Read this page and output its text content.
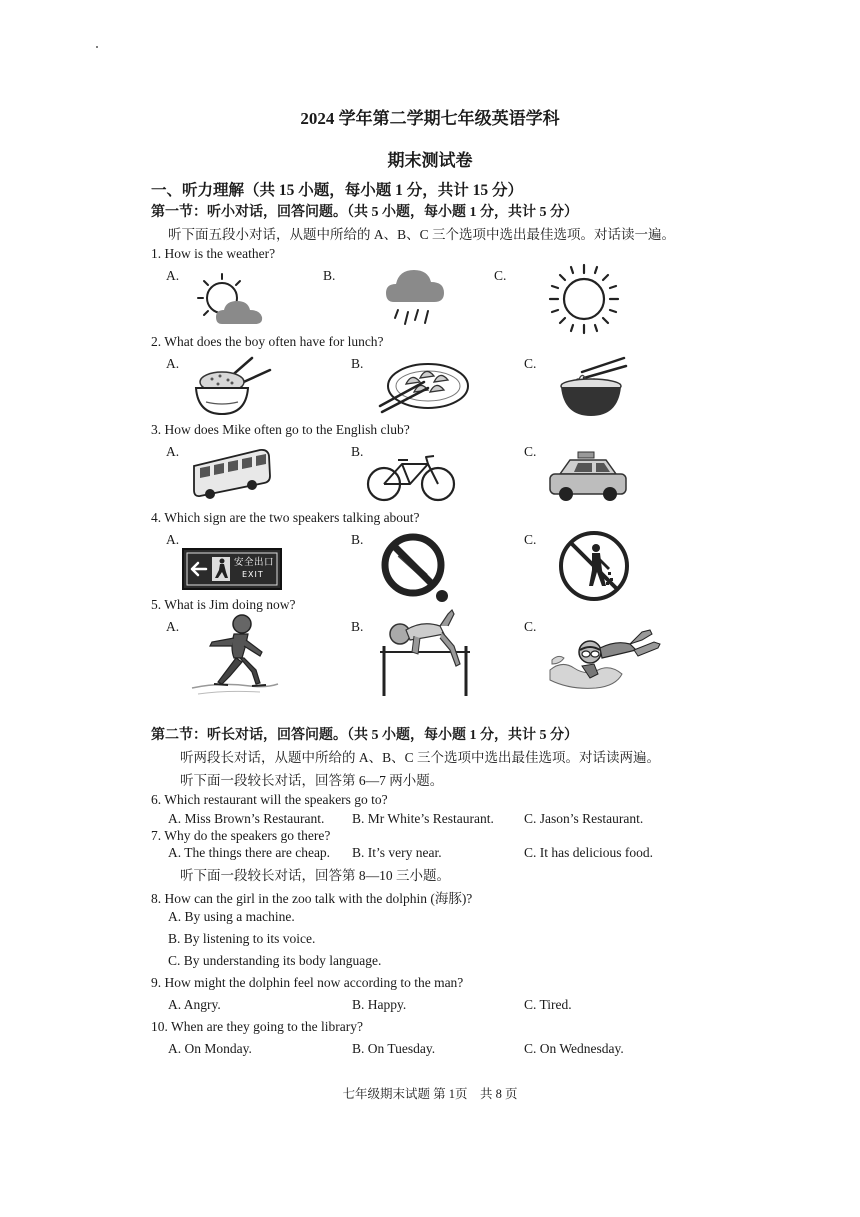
2024 学年第二学期七年级英语学科
期末测试卷
一、听力理解（共 15 小题，每小题 1 分，共计 15 分）
第一节：听小对话，回答问题。（共 5 小题，每小题 1 分，共计 5 分）
听下面五段小对话，从题中所给的 A、B、C 三个选项中选出最佳选项。对话读一遍。
1. How is the weather?
A.	B.	C.
2. What does the boy often have for lunch?
A.	B.	C.
3. How does Mike often go to the English club?
A.	B.	C.
4. Which sign are the two speakers talking about?
A.	B.	C.
安全出口
EXIT
5. What is Jim doing now?
A.	B.	C.
第二节：听长对话，回答问题。（共 5 小题，每小题 1 分，共计 5 分）
听两段长对话，从题中所给的 A、B、C 三个选项中选出最佳选项。对话读两遍。
听下面一段较长对话，回答第 6—7 两小题。
6. Which restaurant will the speakers go to?
A. Miss Brown’s Restaurant. B. Mr White’s Restaurant. C. Jason’s Restaurant.
7. Why do the speakers go there?
A. The things there are cheap. B. It’s very near.	C. It has delicious food.
听下面一段较长对话，回答第 8—10 三小题。
8. How can the girl in the zoo talk with the dolphin (海豚)?
A. By using a machine.
B. By listening to its voice.
C. By understanding its body language.
9. How might the dolphin feel now according to the man?
A. Angry.	B. Happy.	C. Tired.
10. When are they going to the library?
A. On Monday.	B. On Tuesday.	C. On Wednesday.
七年级期末试题 第 1页　共 8 页
